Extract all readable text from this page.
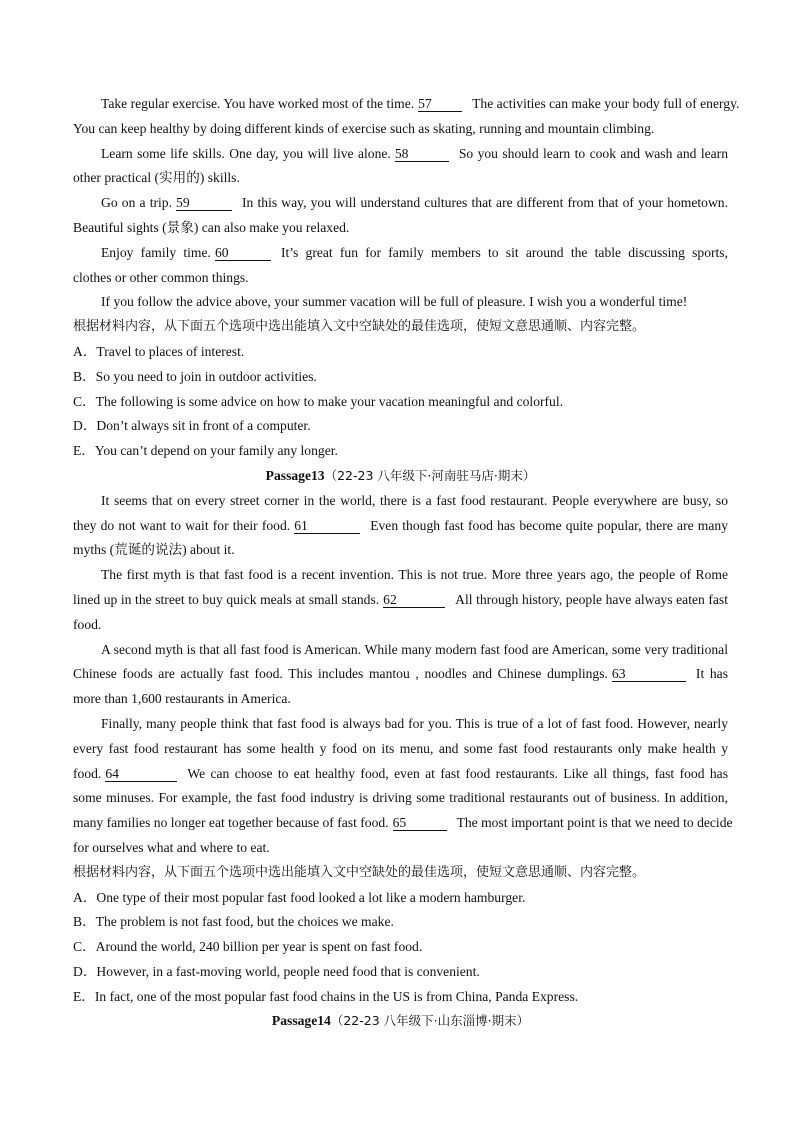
Take regular exercise. You have worked most of the time. 57	The activities can make your body full of energy.
You can keep healthy by doing different kinds of exercise such as skating, running and mountain climbing.
Learn some life skills. One day, you will live alone. 58	So you should learn to cook and wash and learn
other practical (实用的) skills.
Go on a trip. 59	In this way, you will understand cultures that are different from that of your hometown.
Beautiful sights (景象) can also make you relaxed.
Enjoy family time. 60	It’s great fun for family members to sit around the table discussing sports,
clothes or other common things.
If you follow the advice above, your summer vacation will be full of pleasure. I wish you a wonderful time!
根据材料内容，从下面五个选项中选出能填入文中空缺处的最佳选项，使短文意思通顺、内容完整。
A．Travel to places of interest.
B．So you need to join in outdoor activities.
C．The following is some advice on how to make your vacation meaningful and colorful.
D．Don’t always sit in front of a computer.
E．You can’t depend on your family any longer.
Passage13（22-23 八年级下·河南驻马店·期末）
It seems that on every street corner in the world, there is a fast food restaurant. People everywhere are busy, so
they do not want to wait for their food. 61	Even though fast food has become quite popular, there are many
myths (荒诞的说法) about it.
The first myth is that fast food is a recent invention. This is not true. More three years ago, the people of Rome
lined up in the street to buy quick meals at small stands. 62	All through history, people have always eaten fast
food.
A second myth is that all fast food is American. While many modern fast food are American, some very traditional
Chinese foods are actually fast food. This includes mantou , noodles and Chinese dumplings. 63	It has
more than 1,600 restaurants in America.
Finally, many people think that fast food is always bad for you. This is true of a lot of fast food. However, nearly
every fast food restaurant has some health y food on its menu, and some fast food restaurants only make health y
food. 64	We can choose to eat healthy food, even at fast food restaurants. Like all things, fast food has
some minuses. For example, the fast food industry is driving some traditional restaurants out of business. In addition,
many families no longer eat together because of fast food. 65	The most important point is that we need to decide
for ourselves what and where to eat.
根据材料内容，从下面五个选项中选出能填入文中空缺处的最佳选项，使短文意思通顺、内容完整。
A．One type of their most popular fast food looked a lot like a modern hamburger.
B．The problem is not fast food, but the choices we make.
C．Around the world, 240 billion per year is spent on fast food.
D．However, in a fast-moving world, people need food that is convenient.
E．In fact, one of the most popular fast food chains in the US is from China, Panda Express.
Passage14（22-23 八年级下·山东淄博·期末）
